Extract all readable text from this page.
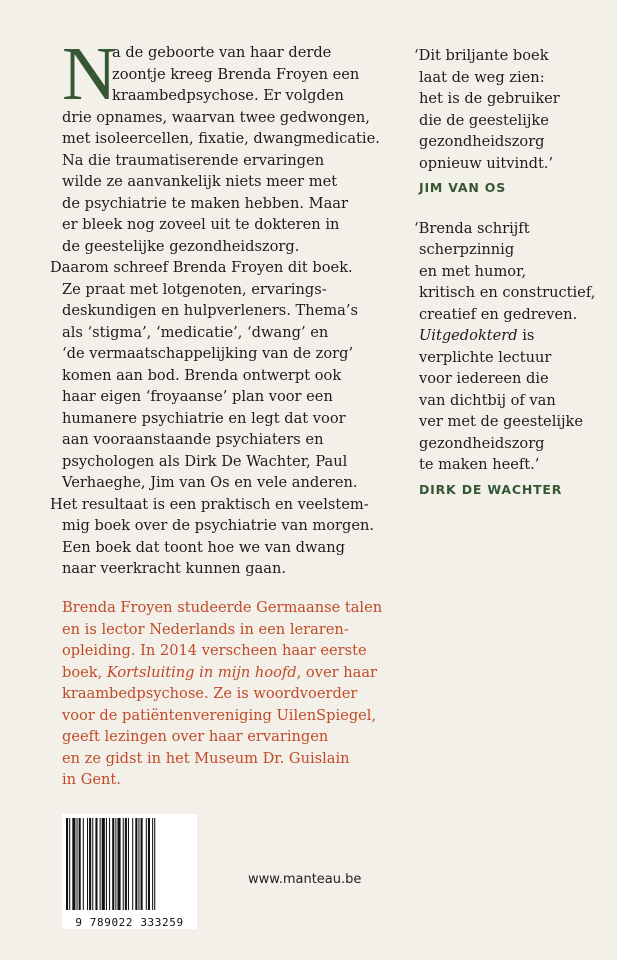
N
a de geboorte van haar derde
zoontje kreeg Brenda Froyen een
kraambedpsychose. Er volgden
drie opnames, waarvan twee gedwongen,
met isoleercellen, fixatie, dwangmedicatie.
Na die traumatiserende ervaringen
wilde ze aanvankelijk niets meer met
de psychiatrie te maken hebben. Maar
er bleek nog zoveel uit te dokteren in
de geestelijke gezondheidszorg.
Daarom schreef Brenda Froyen dit boek.
Ze praat met lotgenoten, ervarings-
deskundigen en hulpverleners. Thema’s
als ‘stigma’, ‘medicatie’, ‘dwang’ en
‘de vermaatschappelijking van de zorg’
komen aan bod. Brenda ontwerpt ook
haar eigen ‘froyaanse’ plan voor een
humanere psychiatrie en legt dat voor
aan vooraanstaande psychiaters en
psychologen als Dirk De Wachter, Paul
Verhaeghe, Jim van Os en vele anderen.
Het resultaat is een praktisch en veelstem-
mig boek over de psychiatrie van morgen.
Een boek dat toont hoe we van dwang
naar veerkracht kunnen gaan.
Brenda Froyen studeerde Germaanse talen
en is lector Nederlands in een leraren-
opleiding. In 2014 verscheen haar eerste
boek, Kortsluiting in mijn hoofd, over haar
kraambedpsychose. Ze is woordvoerder
voor de patiëntenvereniging UilenSpiegel,
geeft lezingen over haar ervaringen
en ze gidst in het Museum Dr. Guislain
in Gent.
‘Dit briljante boek
laat de weg zien:
het is de gebruiker
die de geestelijke
gezondheidszorg
opnieuw uitvindt.’
JIM VAN OS
‘Brenda schrijft
scherpzinnig
en met humor,
kritisch en constructief,
creatief en gedreven.
Uitgedokterd is
verplichte lectuur
voor iedereen die
van dichtbij of van
ver met de geestelijke
gezondheidszorg
te maken heeft.’
DIRK DE WACHTER
9 789022 333259
www.manteau.be
